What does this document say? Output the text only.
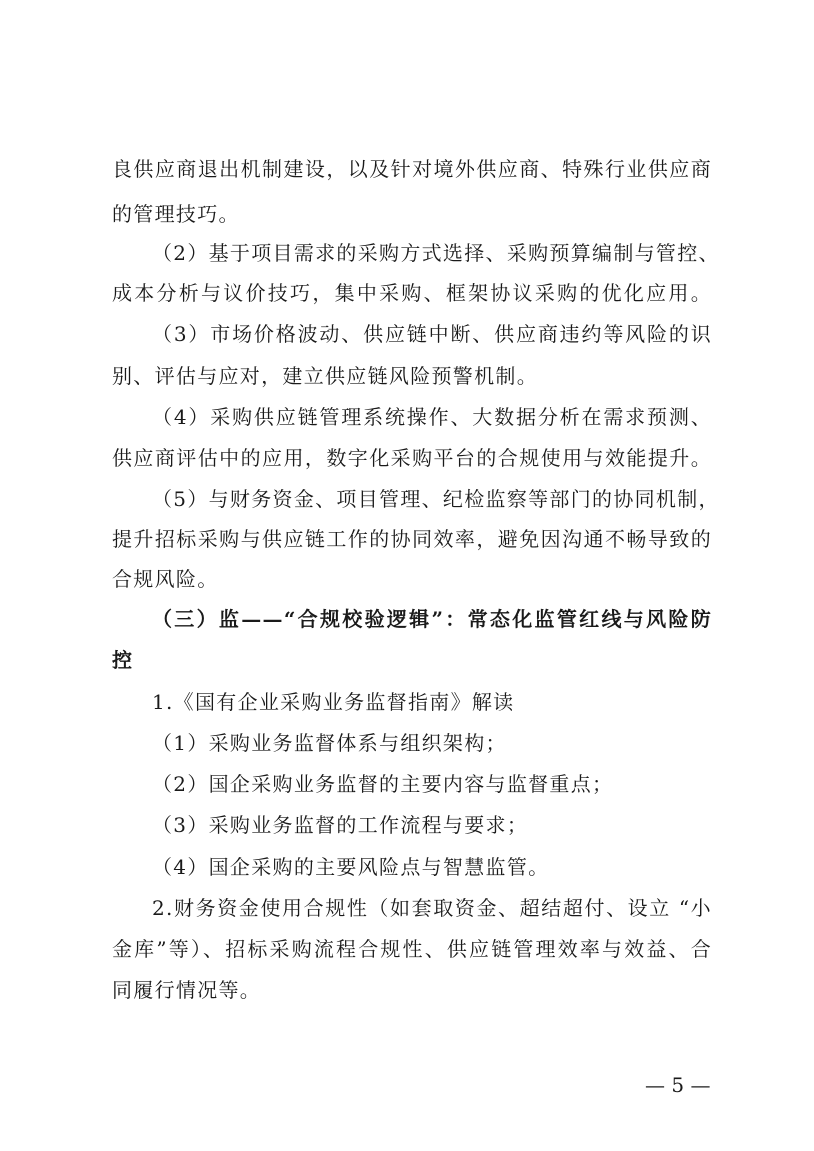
良供应商退出机制建设，以及针对境外供应商、特殊行业供应商
的管理技巧。
（2）基于项目需求的采购方式选择、采购预算编制与管控、
成本分析与议价技巧，集中采购、框架协议采购的优化应用。
（3）市场价格波动、供应链中断、供应商违约等风险的识
别、评估与应对，建立供应链风险预警机制。
（4）采购供应链管理系统操作、大数据分析在需求预测、
供应商评估中的应用，数字化采购平台的合规使用与效能提升。
（5）与财务资金、项目管理、纪检监察等部门的协同机制，
提升招标采购与供应链工作的协同效率，避免因沟通不畅导致的
合规风险。
（三）监——“合规校验逻辑”：常态化监管红线与风险防
控
1.《国有企业采购业务监督指南》解读
（1）采购业务监督体系与组织架构；
（2）国企采购业务监督的主要内容与监督重点；
（3）采购业务监督的工作流程与要求；
（4）国企采购的主要风险点与智慧监管。
2.财务资金使用合规性（如套取资金、超结超付、设立 “小
金库”等）、招标采购流程合规性、供应链管理效率与效益、合
同履行情况等。
— 5 —
